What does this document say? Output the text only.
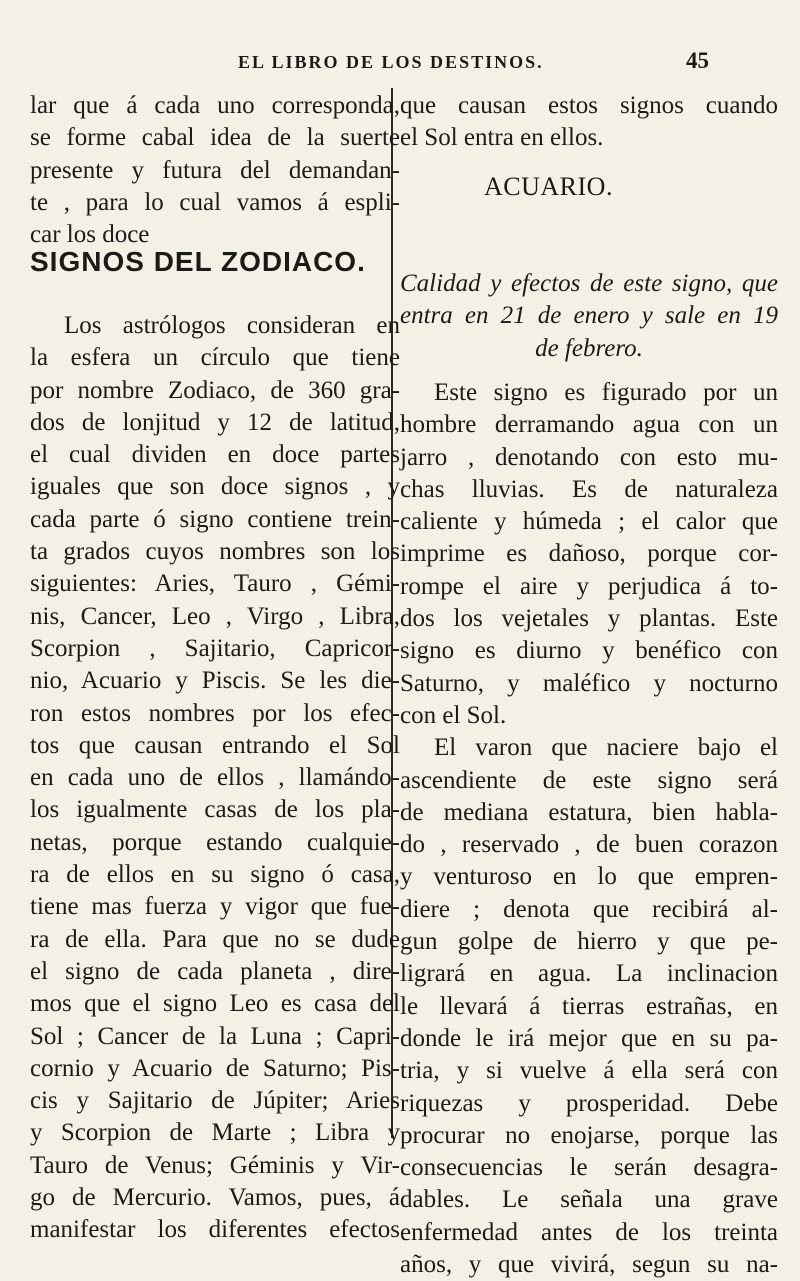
EL LIBRO DE LOS DESTINOS.	45
lar que á cada uno corresponda,
se forme cabal idea de la suerte
presente y futura del demandan-
te , para lo cual vamos á espli-
car los doce
SIGNOS DEL ZODIACO.
Los astrólogos consideran en
la esfera un círculo que tiene
por nombre Zodiaco, de 360 gra-
dos de lonjitud y 12 de latitud,
el cual dividen en doce partes
iguales que son doce signos , y
cada parte ó signo contiene trein-
ta grados cuyos nombres son los
siguientes: Aries, Tauro , Gémi-
nis, Cancer, Leo , Virgo , Libra,
Scorpion , Sajitario, Capricor-
nio, Acuario y Piscis. Se les die-
ron estos nombres por los efec-
tos que causan entrando el Sol
en cada uno de ellos , llamándo-
los igualmente casas de los pla-
netas, porque estando cualquie-
ra de ellos en su signo ó casa,
tiene mas fuerza y vigor que fue-
ra de ella. Para que no se dude
el signo de cada planeta , dire-
mos que el signo Leo es casa del
Sol ; Cancer de la Luna ; Capri-
cornio y Acuario de Saturno; Pis-
cis y Sajitario de Júpiter; Aries
y Scorpion de Marte ; Libra y
Tauro de Venus; Géminis y Vir-
go de Mercurio. Vamos, pues, á
manifestar los diferentes efectos
que causan estos signos cuando
el Sol entra en ellos.
ACUARIO.
Calidad y efectos de este signo, que
entra en 21 de enero y sale en 19
de febrero.
Este signo es figurado por un
hombre derramando agua con un
jarro , denotando con esto mu-
chas lluvias. Es de naturaleza
caliente y húmeda ; el calor que
imprime es dañoso, porque cor-
rompe el aire y perjudica á to-
dos los vejetales y plantas. Este
signo es diurno y benéfico con
Saturno, y maléfico y nocturno
con el Sol.
El varon que naciere bajo el
ascendiente de este signo será
de mediana estatura, bien habla-
do , reservado , de buen corazon
y venturoso en lo que empren-
diere ; denota que recibirá al-
gun golpe de hierro y que pe-
ligrará en agua. La inclinacion
le llevará á tierras estrañas, en
donde le irá mejor que en su pa-
tria, y si vuelve á ella será con
riquezas y prosperidad. Debe
procurar no enojarse, porque las
consecuencias le serán desagra-
dables. Le señala una grave
enfermedad antes de los treinta
años, y que vivirá, segun su na-
